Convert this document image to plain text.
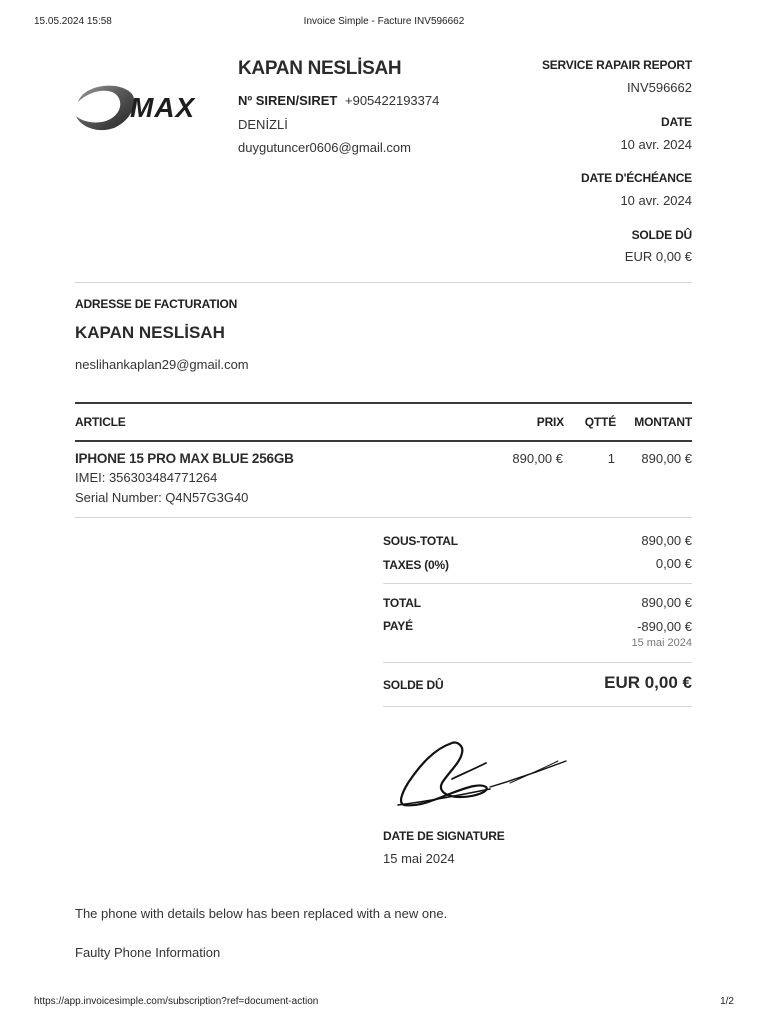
15.05.2024 15:58	Invoice Simple - Facture INV596662
https://app.invoicesimple.com/subscription?ref=document-action	1/2
MAX
KAPAN NESLİSAH
Nº SIREN/SIRET +905422193374
DENİZLİ
duygutuncer0606@gmail.com
SERVICE RAPAIR REPORT
INV596662
DATE
10 avr. 2024
DATE D'ÉCHÉANCE
10 avr. 2024
SOLDE DÛ
EUR 0,00 €
ADRESSE DE FACTURATION
KAPAN NESLİSAH
neslihankaplan29@gmail.com
ARTICLE	PRIX QTTÉ MONTANT
IPHONE 15 PRO MAX BLUE 256GB
IMEI: 356303484771264
Serial Number: Q4N57G3G40
890,00 €	1 890,00 €
SOUS-TOTAL	890,00 €
TAXES (0%)	0,00 €
TOTAL	890,00 €
PAYÉ	-890,00 €
15 mai 2024
SOLDE DÛ	EUR 0,00 €
DATE DE SIGNATURE
15 mai 2024
The phone with details below has been replaced with a new one.
Faulty Phone Information
